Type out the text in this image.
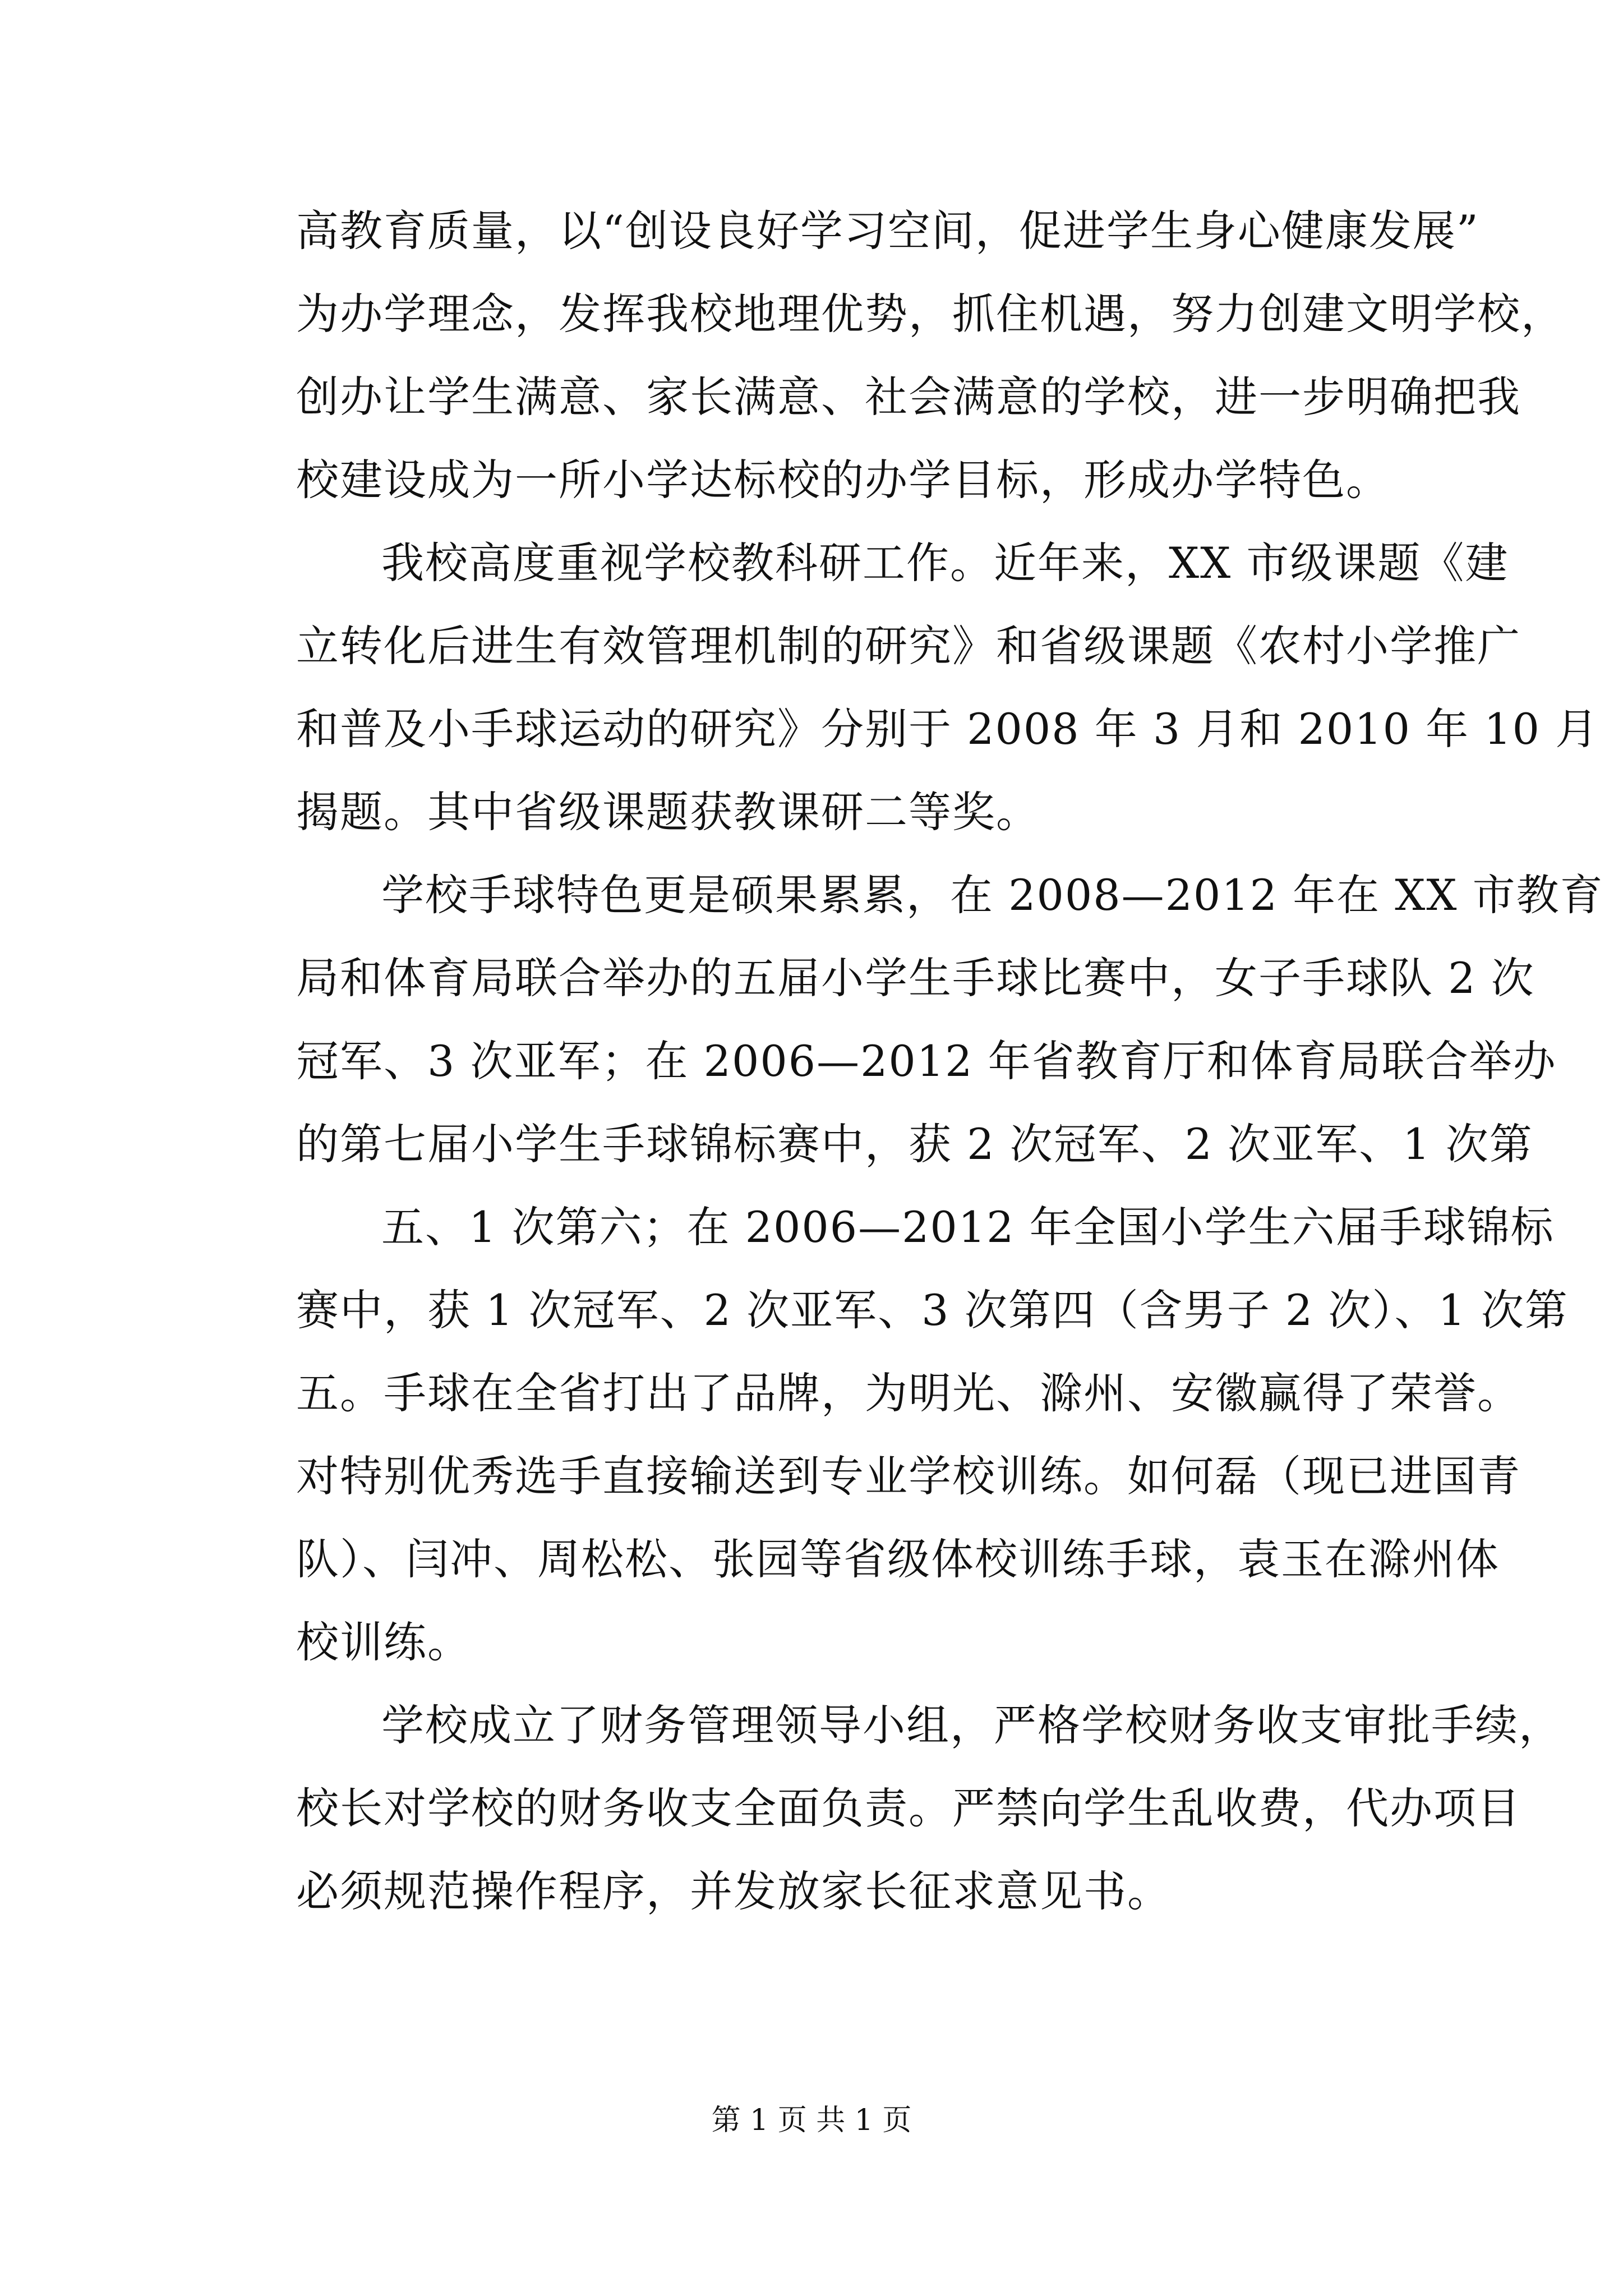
高教育质量，以“创设良好学习空间，促进学生身心健康发展”
为办学理念，发挥我校地理优势，抓住机遇，努力创建文明学校，
创办让学生满意、家长满意、社会满意的学校，进一步明确把我
校建设成为一所小学达标校的办学目标，形成办学特色。
我校高度重视学校教科研工作。近年来，XX 市级课题《建
立转化后进生有效管理机制的研究》和省级课题《农村小学推广
和普及小手球运动的研究》分别于 2008 年 3 月和 2010 年 10 月
揭题。其中省级课题获教课研二等奖。
学校手球特色更是硕果累累，在 2008—2012 年在 XX 市教育
局和体育局联合举办的五届小学生手球比赛中，女子手球队 2 次
冠军、3 次亚军；在 2006—2012 年省教育厅和体育局联合举办
的第七届小学生手球锦标赛中，获 2 次冠军、2 次亚军、1 次第
五、1 次第六；在 2006—2012 年全国小学生六届手球锦标
赛中，获 1 次冠军、2 次亚军、3 次第四（含男子 2 次）、1 次第
五。手球在全省打出了品牌，为明光、滁州、安徽赢得了荣誉。
对特别优秀选手直接输送到专业学校训练。如何磊（现已进国青
队）、闫冲、周松松、张园等省级体校训练手球，袁玉在滁州体
校训练。
学校成立了财务管理领导小组，严格学校财务收支审批手续，
校长对学校的财务收支全面负责。严禁向学生乱收费，代办项目
必须规范操作程序，并发放家长征求意见书。
第 1 页 共 1 页
